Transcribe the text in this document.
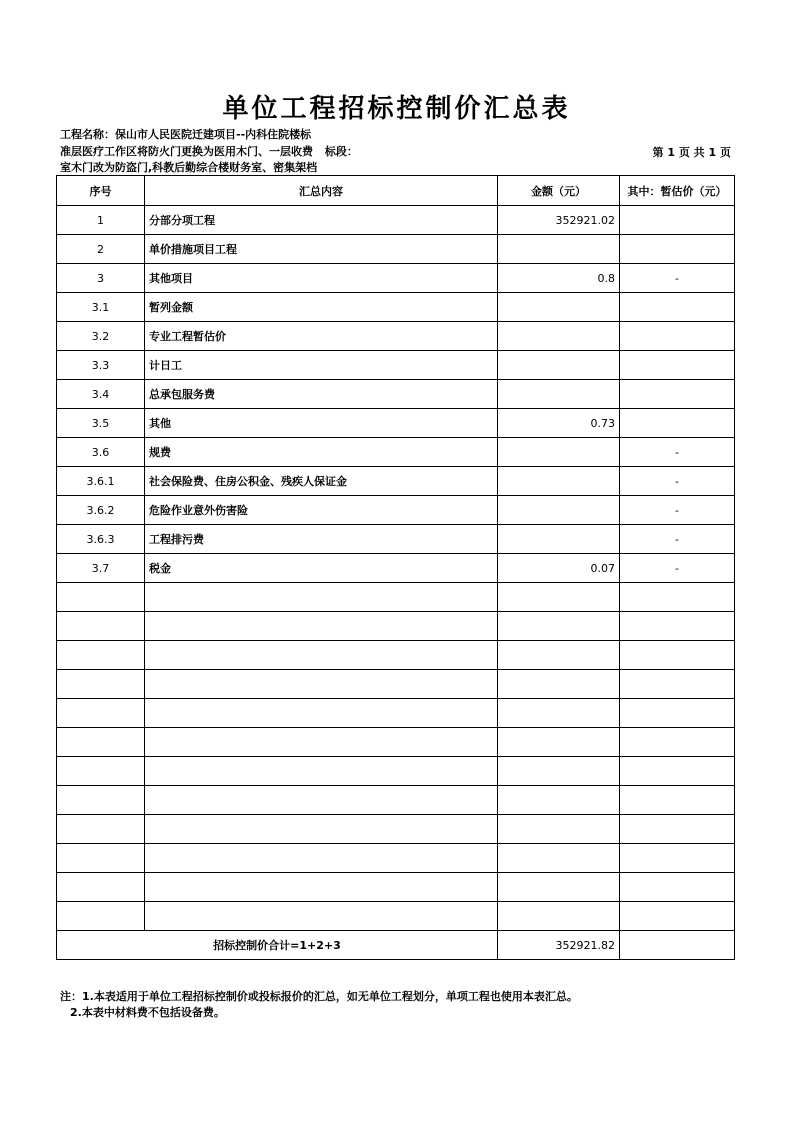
单位工程招标控制价汇总表
工程名称：保山市人民医院迁建项目--内科住院楼标
准层医疗工作区将防火门更换为医用木门、一层收费 标段：
室木门改为防盗门,科教后勤综合楼财务室、密集架档
第 1 页 共 1 页
序号	汇总内容	金额（元）	其中：暂估价（元）
1	分部分项工程	352921.02	
2	单价措施项目工程		
3	其他项目	0.8	-
3.1	暂列金额		
3.2	专业工程暂估价		
3.3	计日工		
3.4	总承包服务费		
3.5	其他	0.73	
3.6	规费		-
3.6.1	社会保险费、住房公积金、残疾人保证金		-
3.6.2	危险作业意外伤害险		-
3.6.3	工程排污费		-
3.7	税金	0.07	-

招标控制价合计=1+2+3		352921.82	
注：1.本表适用于单位工程招标控制价或投标报价的汇总，如无单位工程划分，单项工程也使用本表汇总。
2.本表中材料费不包括设备费。
